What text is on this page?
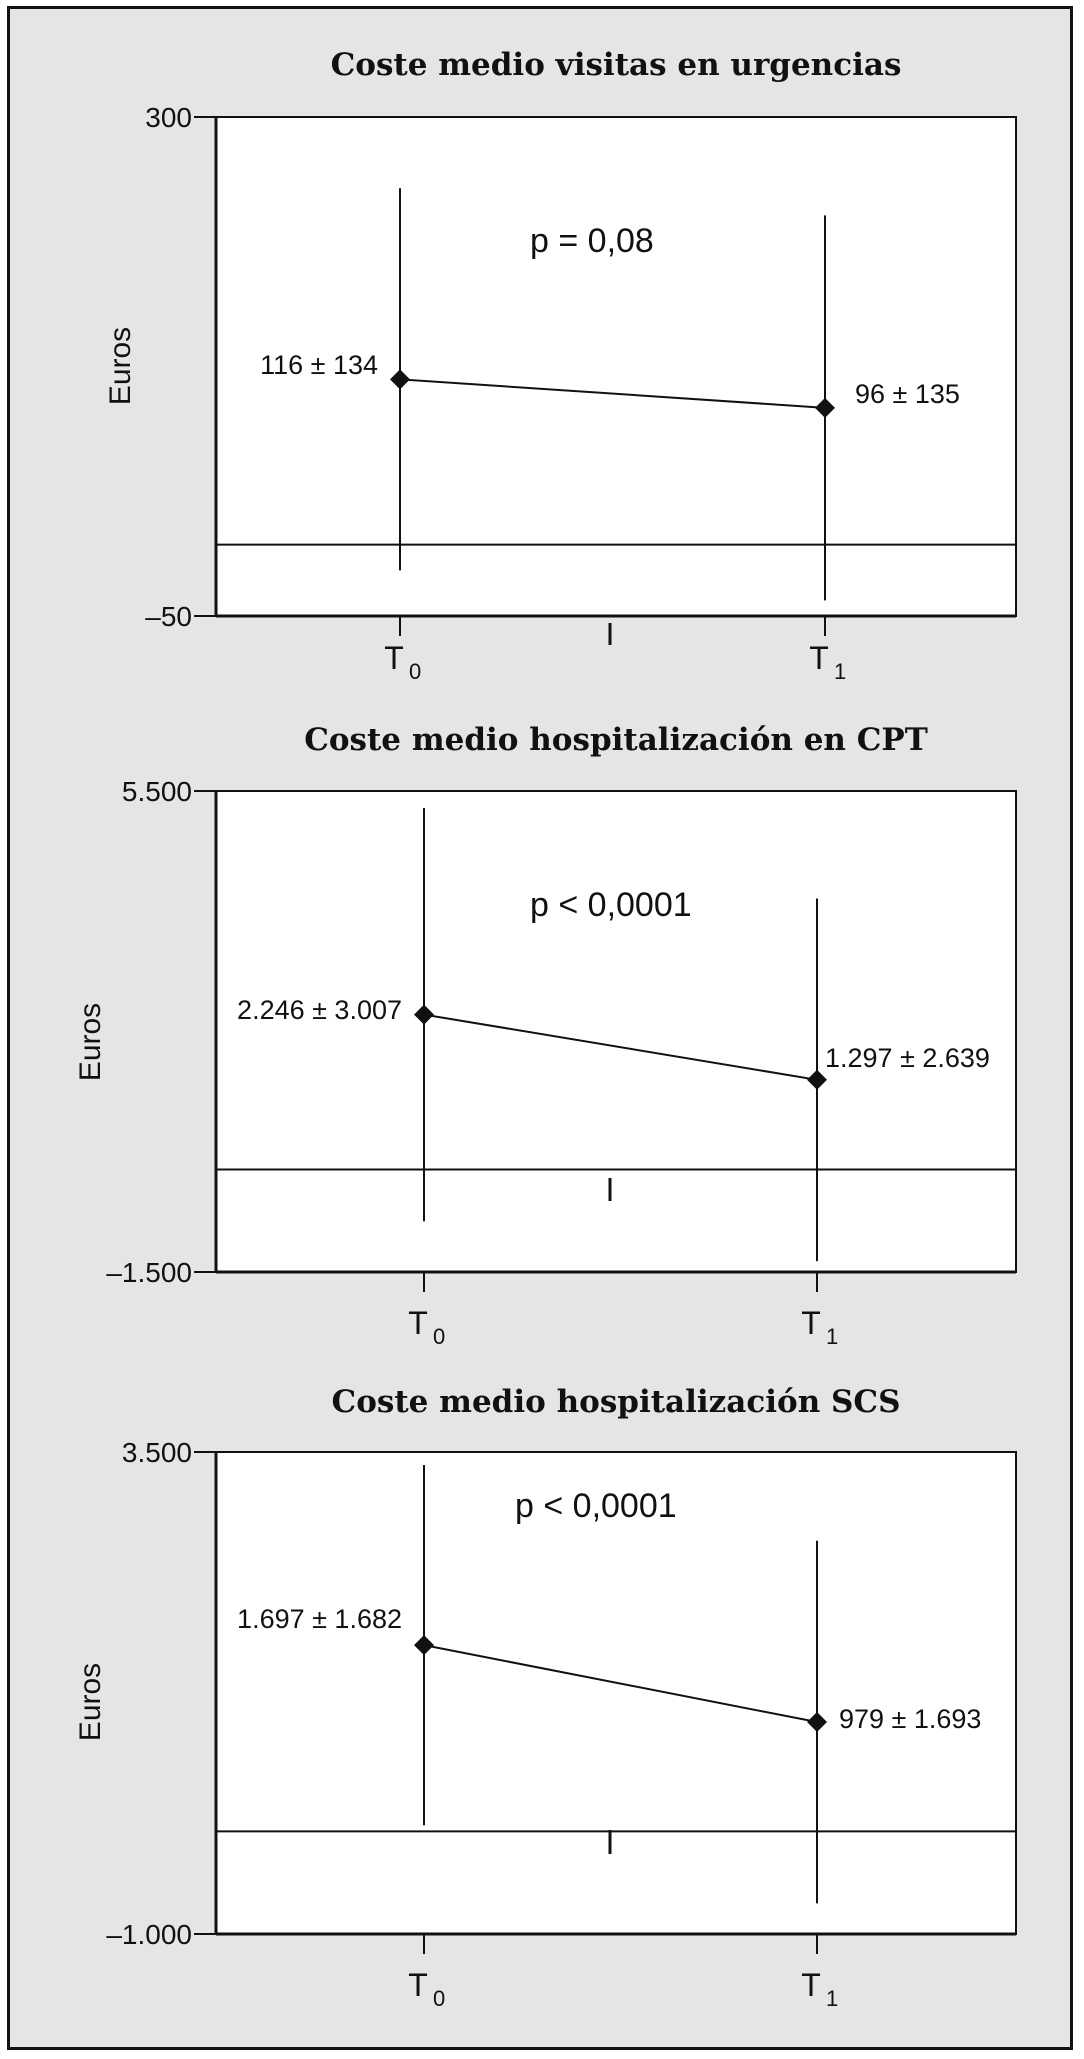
Coste medio visitas en urgencias
300
–50
Euros	116 ± 134
96 ± 135
p = 0,08
T 0	T 1
Coste medio hospitalización en CPT
5.500
–1.500
Euros	2.246 ± 3.007
1.297 ± 2.639
p < 0,0001
T 0	T 1
Coste medio hospitalización SCS
3.500
–1.000
Euros
1.697 ± 1.682
979 ± 1.693
p < 0,0001
T 0	T 1
